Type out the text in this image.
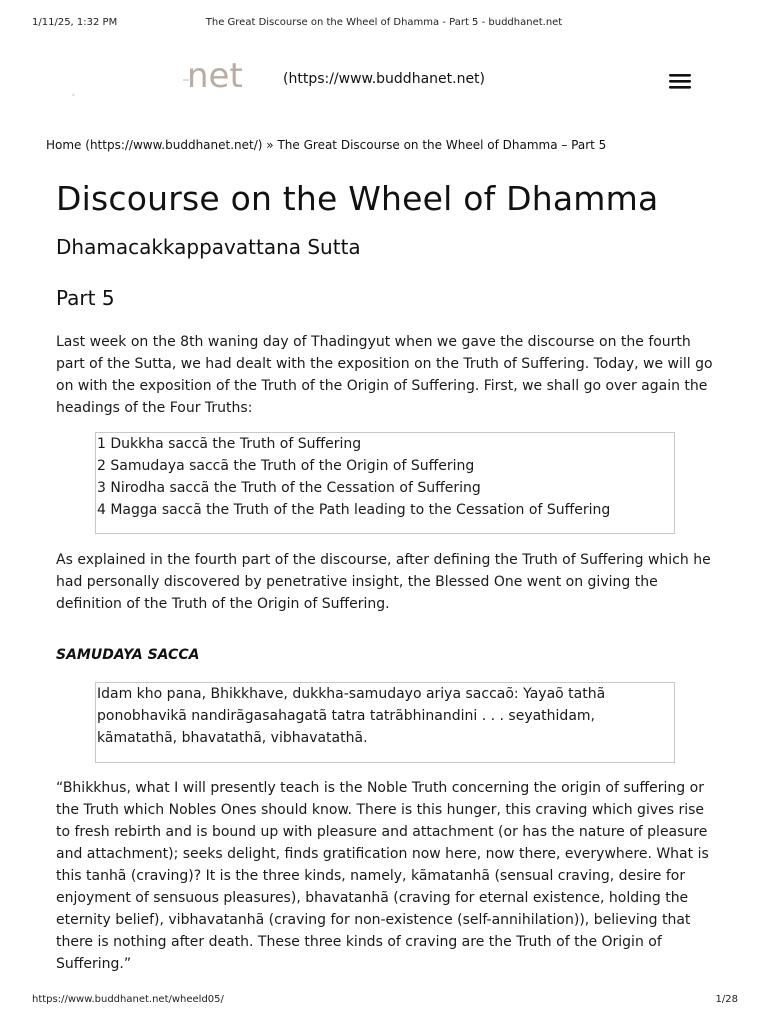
1/11/25, 1:32 PM	The Great Discourse on the Wheel of Dhamma - Part 5 - buddhanet.net
net	(https://www.buddhanet.net)
Home (https://www.buddhanet.net/) » The Great Discourse on the Wheel of Dhamma – Part 5
Discourse on the Wheel of Dhamma
Dhamacakkappavattana Sutta
Part 5

Last week on the 8th waning day of Thadingyut when we gave the discourse on the fourth part of the Sutta, we had dealt with the exposition on the Truth of Suffering. Today, we will go on with the exposition of the Truth of the Origin of Suffering. First, we shall go over again the headings of the Four Truths:

1 Dukkha saccã the Truth of Suffering
2 Samudaya saccã the Truth of the Origin of Suffering
3 Nirodha saccã the Truth of the Cessation of Suffering
4 Magga saccã the Truth of the Path leading to the Cessation of Suffering

As explained in the fourth part of the discourse, after defining the Truth of Suffering which he had personally discovered by penetrative insight, the Blessed One went on giving the definition of the Truth of the Origin of Suffering.

SAMUDAYA SACCA
Idam kho pana, Bhikkhave, dukkha-samudayo ariya saccaõ: Yayaõ tathã ponobhavikã nandirãgasahagatã tatra tatrãbhinandini . . . seyathidam, kãmatathã, bhavatathã, vibhavatathã.

“Bhikkhus, what I will presently teach is the Noble Truth concerning the origin of suffering or the Truth which Nobles Ones should know. There is this hunger, this craving which gives rise to fresh rebirth and is bound up with pleasure and attachment (or has the nature of pleasure and attachment); seeks delight, finds gratification now here, now there, everywhere. What is this tanhã (craving)? It is the three kinds, namely, kãmatanhã (sensual craving, desire for enjoyment of sensuous pleasures), bhavatanhã (craving for eternal existence, holding the eternity belief), vibhavatanhã (craving for non-existence (self-annihilation)), believing that there is nothing after death. These three kinds of craving are the Truth of the Origin of Suffering.”

https://www.buddhanet.net/wheeld05/	1/28
